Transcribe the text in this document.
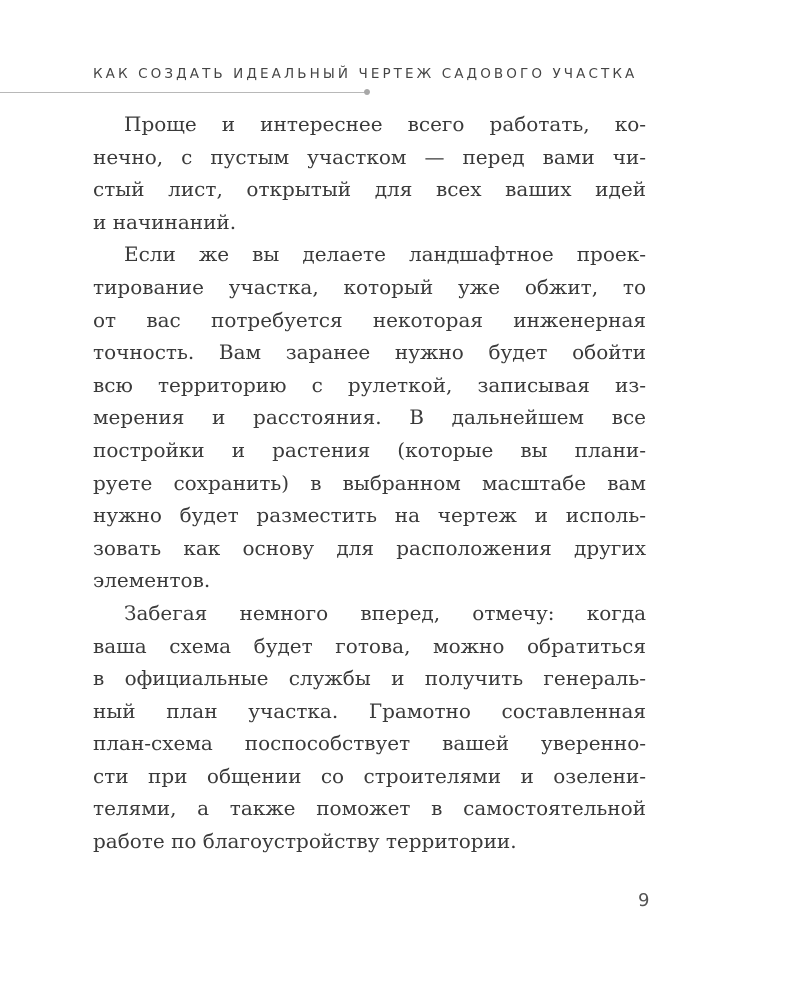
КАК СОЗДАТЬ ИДЕАЛЬНЫЙ ЧЕРТЕЖ САДОВОГО УЧАСТКА

Проще и интереснее всего работать, ко-
нечно, с пустым участком — перед вами чи-
стый лист, открытый для всех ваших идей
и начинаний.

Если же вы делаете ландшафтное проек-
тирование участка, который уже обжит, то
от вас потребуется некоторая инженерная
точность. Вам заранее нужно будет обойти
всю территорию с рулеткой, записывая из-
мерения и расстояния. В дальнейшем все
постройки и растения (которые вы плани-
руете сохранить) в выбранном масштабе вам
нужно будет разместить на чертеж и исполь-
зовать как основу для расположения других
элементов.

Забегая немного вперед, отмечу: когда
ваша схема будет готова, можно обратиться
в официальные службы и получить генераль-
ный план участка. Грамотно составленная
план-схема поспособствует вашей уверенно-
сти при общении со строителями и озелени-
телями, а также поможет в самостоятельной
работе по благоустройству территории.

9
